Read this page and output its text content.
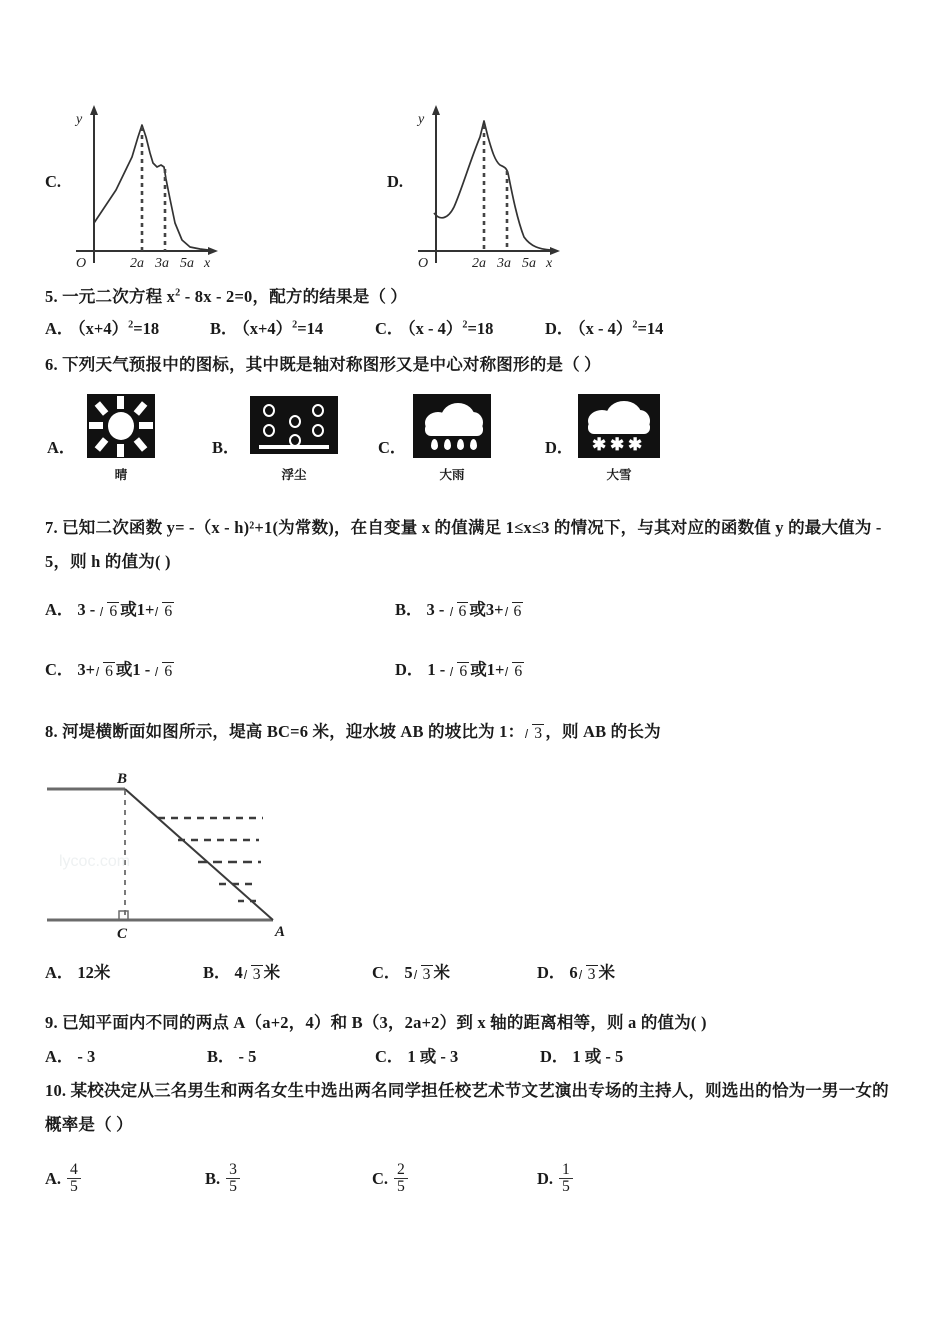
C.
O	2a 3a 5a x
y
D.
O	2a 3a 5a x
y
5. 一元二次方程 $x^2 - 8x - 2=0$，配方的结果是（ ）
A． $(x+4)^2=18$	B． $(x+4)^2=14$	C． （x - 4）$^2$=18	D． （x - 4）$^2$=14
6. 下列天气预报中的图标，其中既是轴对称图形又是中心对称图形的是（ ）
A．
晴
B．
浮尘
C．
大雨
D． ✱ ✱ ✱
大雪
7. 已知二次函数 y= -（x - h)²+1(为常数)，在自变量 x 的值满足 1≤x≤3 的情况下，与其对应的函数值 y 的最大值为 -
5，则 h 的值为( )
A． 3 - 6 或1+ 6	B． 3 - 6 或3+ 6
C． 3+ 6 或1 - 6	D． 1 - 6 或1+ 6
8. 河堤横断面如图所示，堤高 BC=6 米，迎水坡 AB 的坡比为 1： 3 ，则 AB 的长为
lycoc.com
B
C	A
A． 12米	B． 4 3 米	C． 5 3 米	D． 6 3 米
9. 已知平面内不同的两点 A（a+2，4）和 B（3，2a+2）到 x 轴的距离相等，则 a 的值为( )
A． - 3	B． - 5	C． 1 或 - 3	D． 1 或 - 5
10. 某校决定从三名男生和两名女生中选出两名同学担任校艺术节文艺演出专场的主持人，则选出的恰为一男一女的
概率是（ ）
A. $\frac{4}{5}$	B. $\frac{3}{5}$	C. $\frac{2}{5}$	D. $\frac{1}{5}$
